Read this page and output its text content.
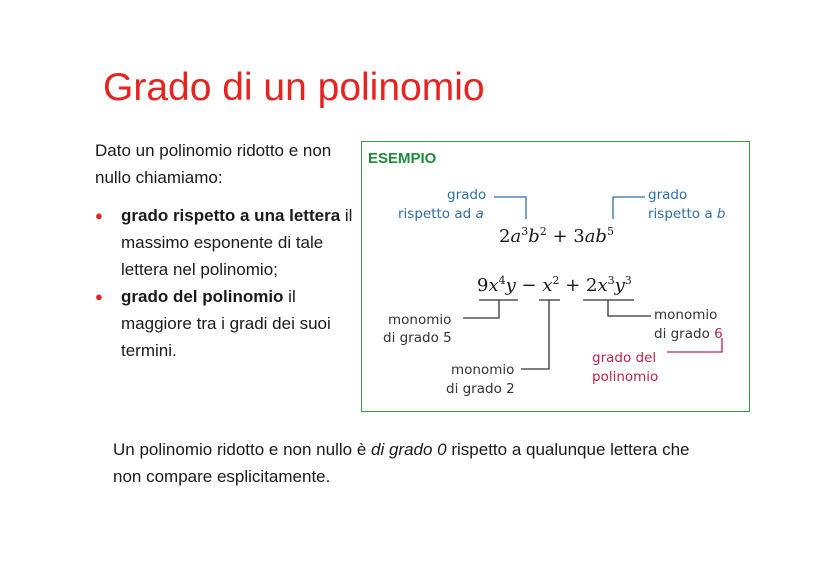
Grado di un polinomio
Dato un polinomio ridotto e non nullo chiamiamo:
● grado rispetto a una lettera il massimo esponente di tale lettera nel polinomio;
● grado del polinomio il maggiore tra i gradi dei suoi termini.
ESEMPIO
grado
rispetto ad a
grado
rispetto a b
$2a^3b^2 + 3ab^5$
$9x^4y - x^2 + 2x^3y^3$
monomio
di grado 5
monomio
di grado 2
monomio
di grado 6
grado del
polinomio
Un polinomio ridotto e non nullo è di grado 0 rispetto a qualunque lettera che non compare esplicitamente.
